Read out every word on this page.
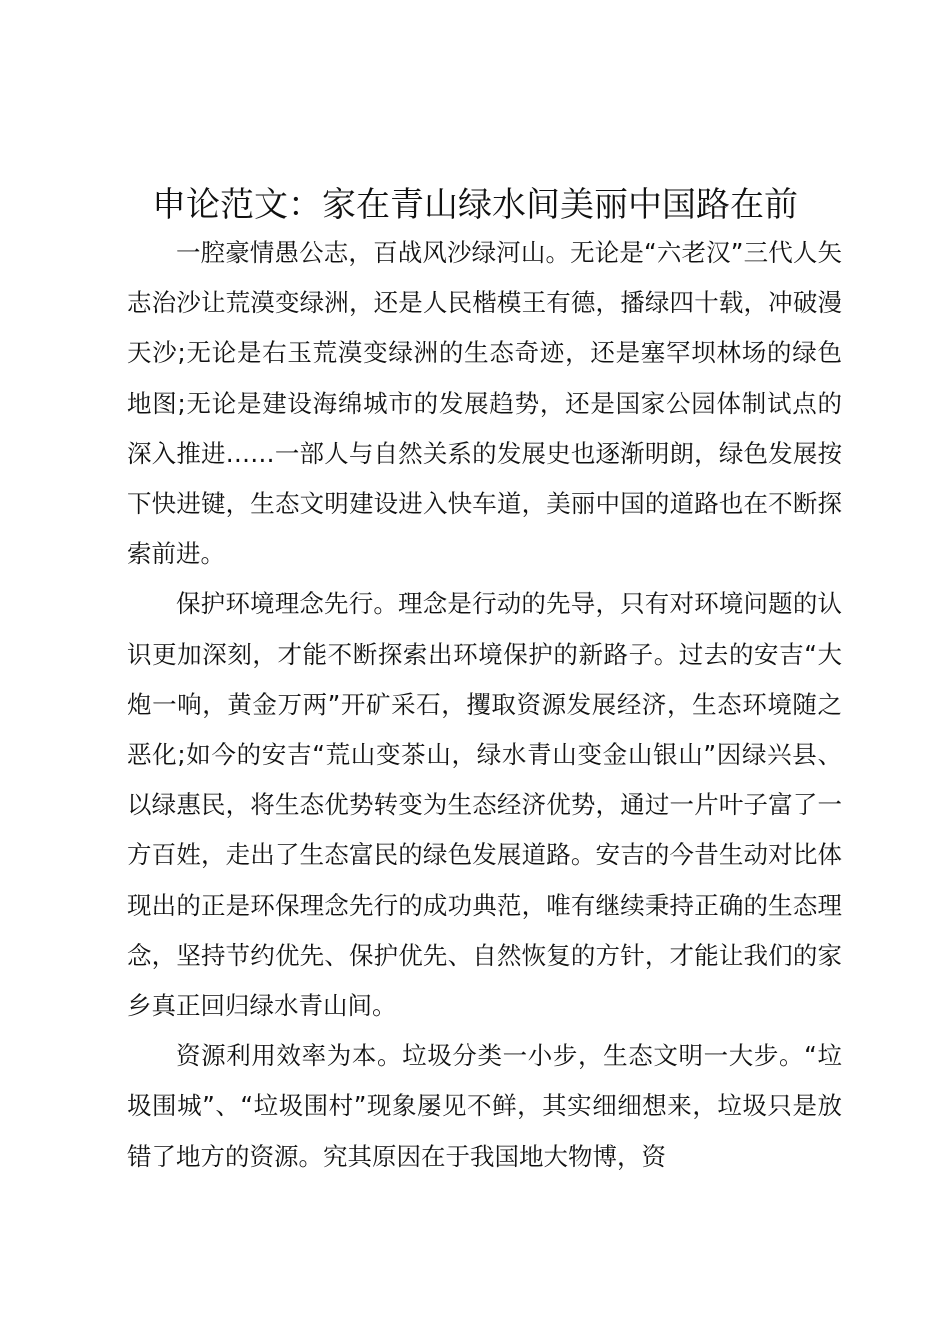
申论范文：家在青山绿水间美丽中国路在前

一腔豪情愚公志，百战风沙绿河山。无论是“六老汉”三代人矢志治沙让荒漠变绿洲，还是人民楷模王有德，播绿四十载，冲破漫天沙;无论是右玉荒漠变绿洲的生态奇迹，还是塞罕坝林场的绿色地图;无论是建设海绵城市的发展趋势，还是国家公园体制试点的深入推进……一部人与自然关系的发展史也逐渐明朗，绿色发展按下快进键，生态文明建设进入快车道，美丽中国的道路也在不断探索前进。

保护环境理念先行。理念是行动的先导，只有对环境问题的认识更加深刻，才能不断探索出环境保护的新路子。过去的安吉“大炮一响，黄金万两”开矿采石，攫取资源发展经济，生态环境随之恶化;如今的安吉“荒山变茶山，绿水青山变金山银山”因绿兴县、以绿惠民，将生态优势转变为生态经济优势，通过一片叶子富了一方百姓，走出了生态富民的绿色发展道路。安吉的今昔生动对比体现出的正是环保理念先行的成功典范，唯有继续秉持正确的生态理念，坚持节约优先、保护优先、自然恢复的方针，才能让我们的家乡真正回归绿水青山间。

资源利用效率为本。垃圾分类一小步，生态文明一大步。“垃圾围城”、“垃圾围村”现象屡见不鲜，其实细细想来，垃圾只是放错了地方的资源。究其原因在于我国地大物博，资
